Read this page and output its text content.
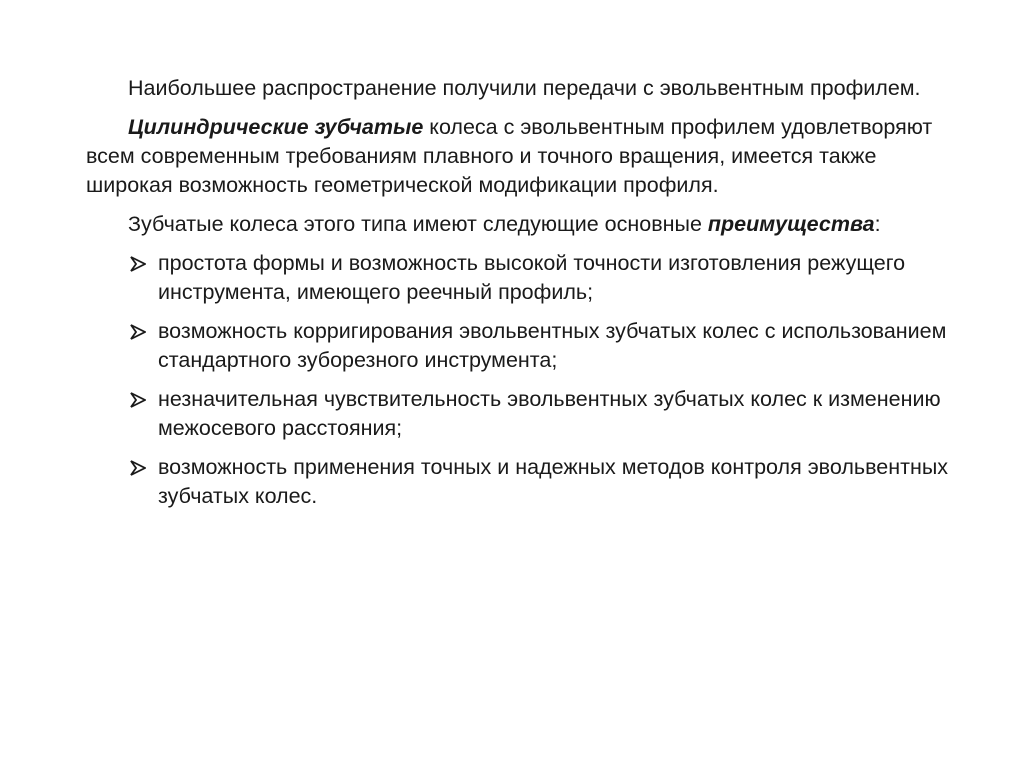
Наибольшее распространение получили передачи с эвольвентным профилем.

Цилиндрические зубчатые колеса с эвольвентным профилем удовлетворяют всем современным требованиям плавного и точного вращения, имеется также широкая возможность геометрической модификации профиля.

Зубчатые колеса этого типа имеют следующие основные преимущества:

простота формы и возможность высокой точности изготовления режущего инструмента, имеющего реечный профиль;
возможность корригирования эвольвентных зубчатых колес с использованием стандартного зуборезного инструмента;
незначительная чувствительность эвольвентных зубчатых колес к изменению межосевого расстояния;
возможность применения точных и надежных методов контроля эвольвентных зубчатых колес.
